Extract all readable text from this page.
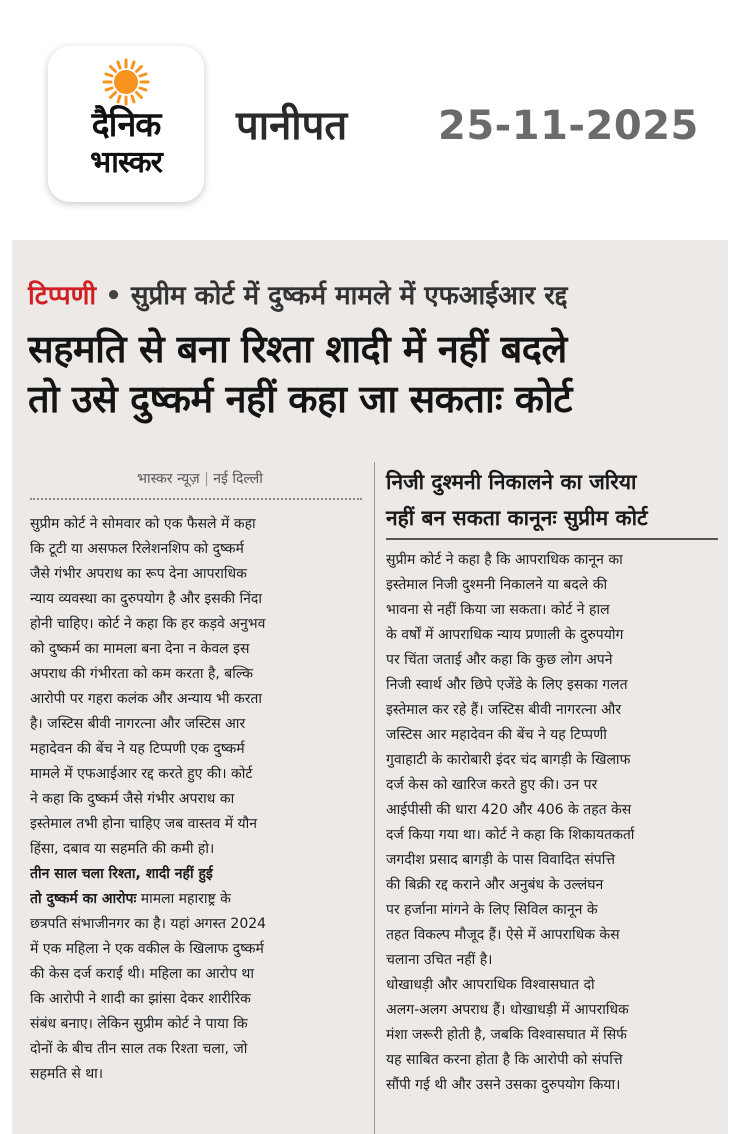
दैनिक
भास्कर
पानीपत 25-11-2025
टिप्पणी • सुप्रीम कोर्ट में दुष्कर्म मामले में एफआईआर रद्द
सहमति से बना रिश्ता शादी में नहीं बदले
तो उसे दुष्कर्म नहीं कहा जा सकताः कोर्ट
भास्कर न्यूज़ | नई दिल्ली	निजी दुश्मनी निकालने का जरिया
नहीं बन सकता कानूनः सुप्रीम कोर्ट
सुप्रीम कोर्ट ने सोमवार को एक फैसले में कहा
कि टूटी या असफल रिलेशनशिप को दुष्कर्म
जैसे गंभीर अपराध का रूप देना आपराधिक
न्याय व्यवस्था का दुरुपयोग है और इसकी निंदा
होनी चाहिए। कोर्ट ने कहा कि हर कड़वे अनुभव
को दुष्कर्म का मामला बना देना न केवल इस
अपराध की गंभीरता को कम करता है, बल्कि
आरोपी पर गहरा कलंक और अन्याय भी करता
है। जस्टिस बीवी नागरत्ना और जस्टिस आर
महादेवन की बेंच ने यह टिप्पणी एक दुष्कर्म
मामले में एफआईआर रद्द करते हुए की। कोर्ट
ने कहा कि दुष्कर्म जैसे गंभीर अपराध का
इस्तेमाल तभी होना चाहिए जब वास्तव में यौन
हिंसा, दबाव या सहमति की कमी हो।
तीन साल चला रिश्ता, शादी नहीं हुई
तो दुष्कर्म का आरोपः मामला महाराष्ट्र के
छत्रपति संभाजीनगर का है। यहां अगस्त 2024
में एक महिला ने एक वकील के खिलाफ दुष्कर्म
की केस दर्ज कराई थी। महिला का आरोप था
कि आरोपी ने शादी का झांसा देकर शारीरिक
संबंध बनाए। लेकिन सुप्रीम कोर्ट ने पाया कि
दोनों के बीच तीन साल तक रिश्ता चला, जो
सहमति से था।
सुप्रीम कोर्ट ने कहा है कि आपराधिक कानून का
इस्तेमाल निजी दुश्मनी निकालने या बदले की
भावना से नहीं किया जा सकता। कोर्ट ने हाल
के वर्षों में आपराधिक न्याय प्रणाली के दुरुपयोग
पर चिंता जताई और कहा कि कुछ लोग अपने
निजी स्वार्थ और छिपे एजेंडे के लिए इसका गलत
इस्तेमाल कर रहे हैं। जस्टिस बीवी नागरत्ना और
जस्टिस आर महादेवन की बेंच ने यह टिप्पणी
गुवाहाटी के कारोबारी इंदर चंद बागड़ी के खिलाफ
दर्ज केस को खारिज करते हुए की। उन पर
आईपीसी की धारा 420 और 406 के तहत केस
दर्ज किया गया था। कोर्ट ने कहा कि शिकायतकर्ता
जगदीश प्रसाद बागड़ी के पास विवादित संपत्ति
की बिक्री रद्द कराने और अनुबंध के उल्लंघन
पर हर्जाना मांगने के लिए सिविल कानून के
तहत विकल्प मौजूद हैं। ऐसे में आपराधिक केस
चलाना उचित नहीं है।
धोखाधड़ी और आपराधिक विश्वासघात दो
अलग-अलग अपराध हैं। धोखाधड़ी में आपराधिक
मंशा जरूरी होती है, जबकि विश्वासघात में सिर्फ
यह साबित करना होता है कि आरोपी को संपत्ति
सौंपी गई थी और उसने उसका दुरुपयोग किया।
